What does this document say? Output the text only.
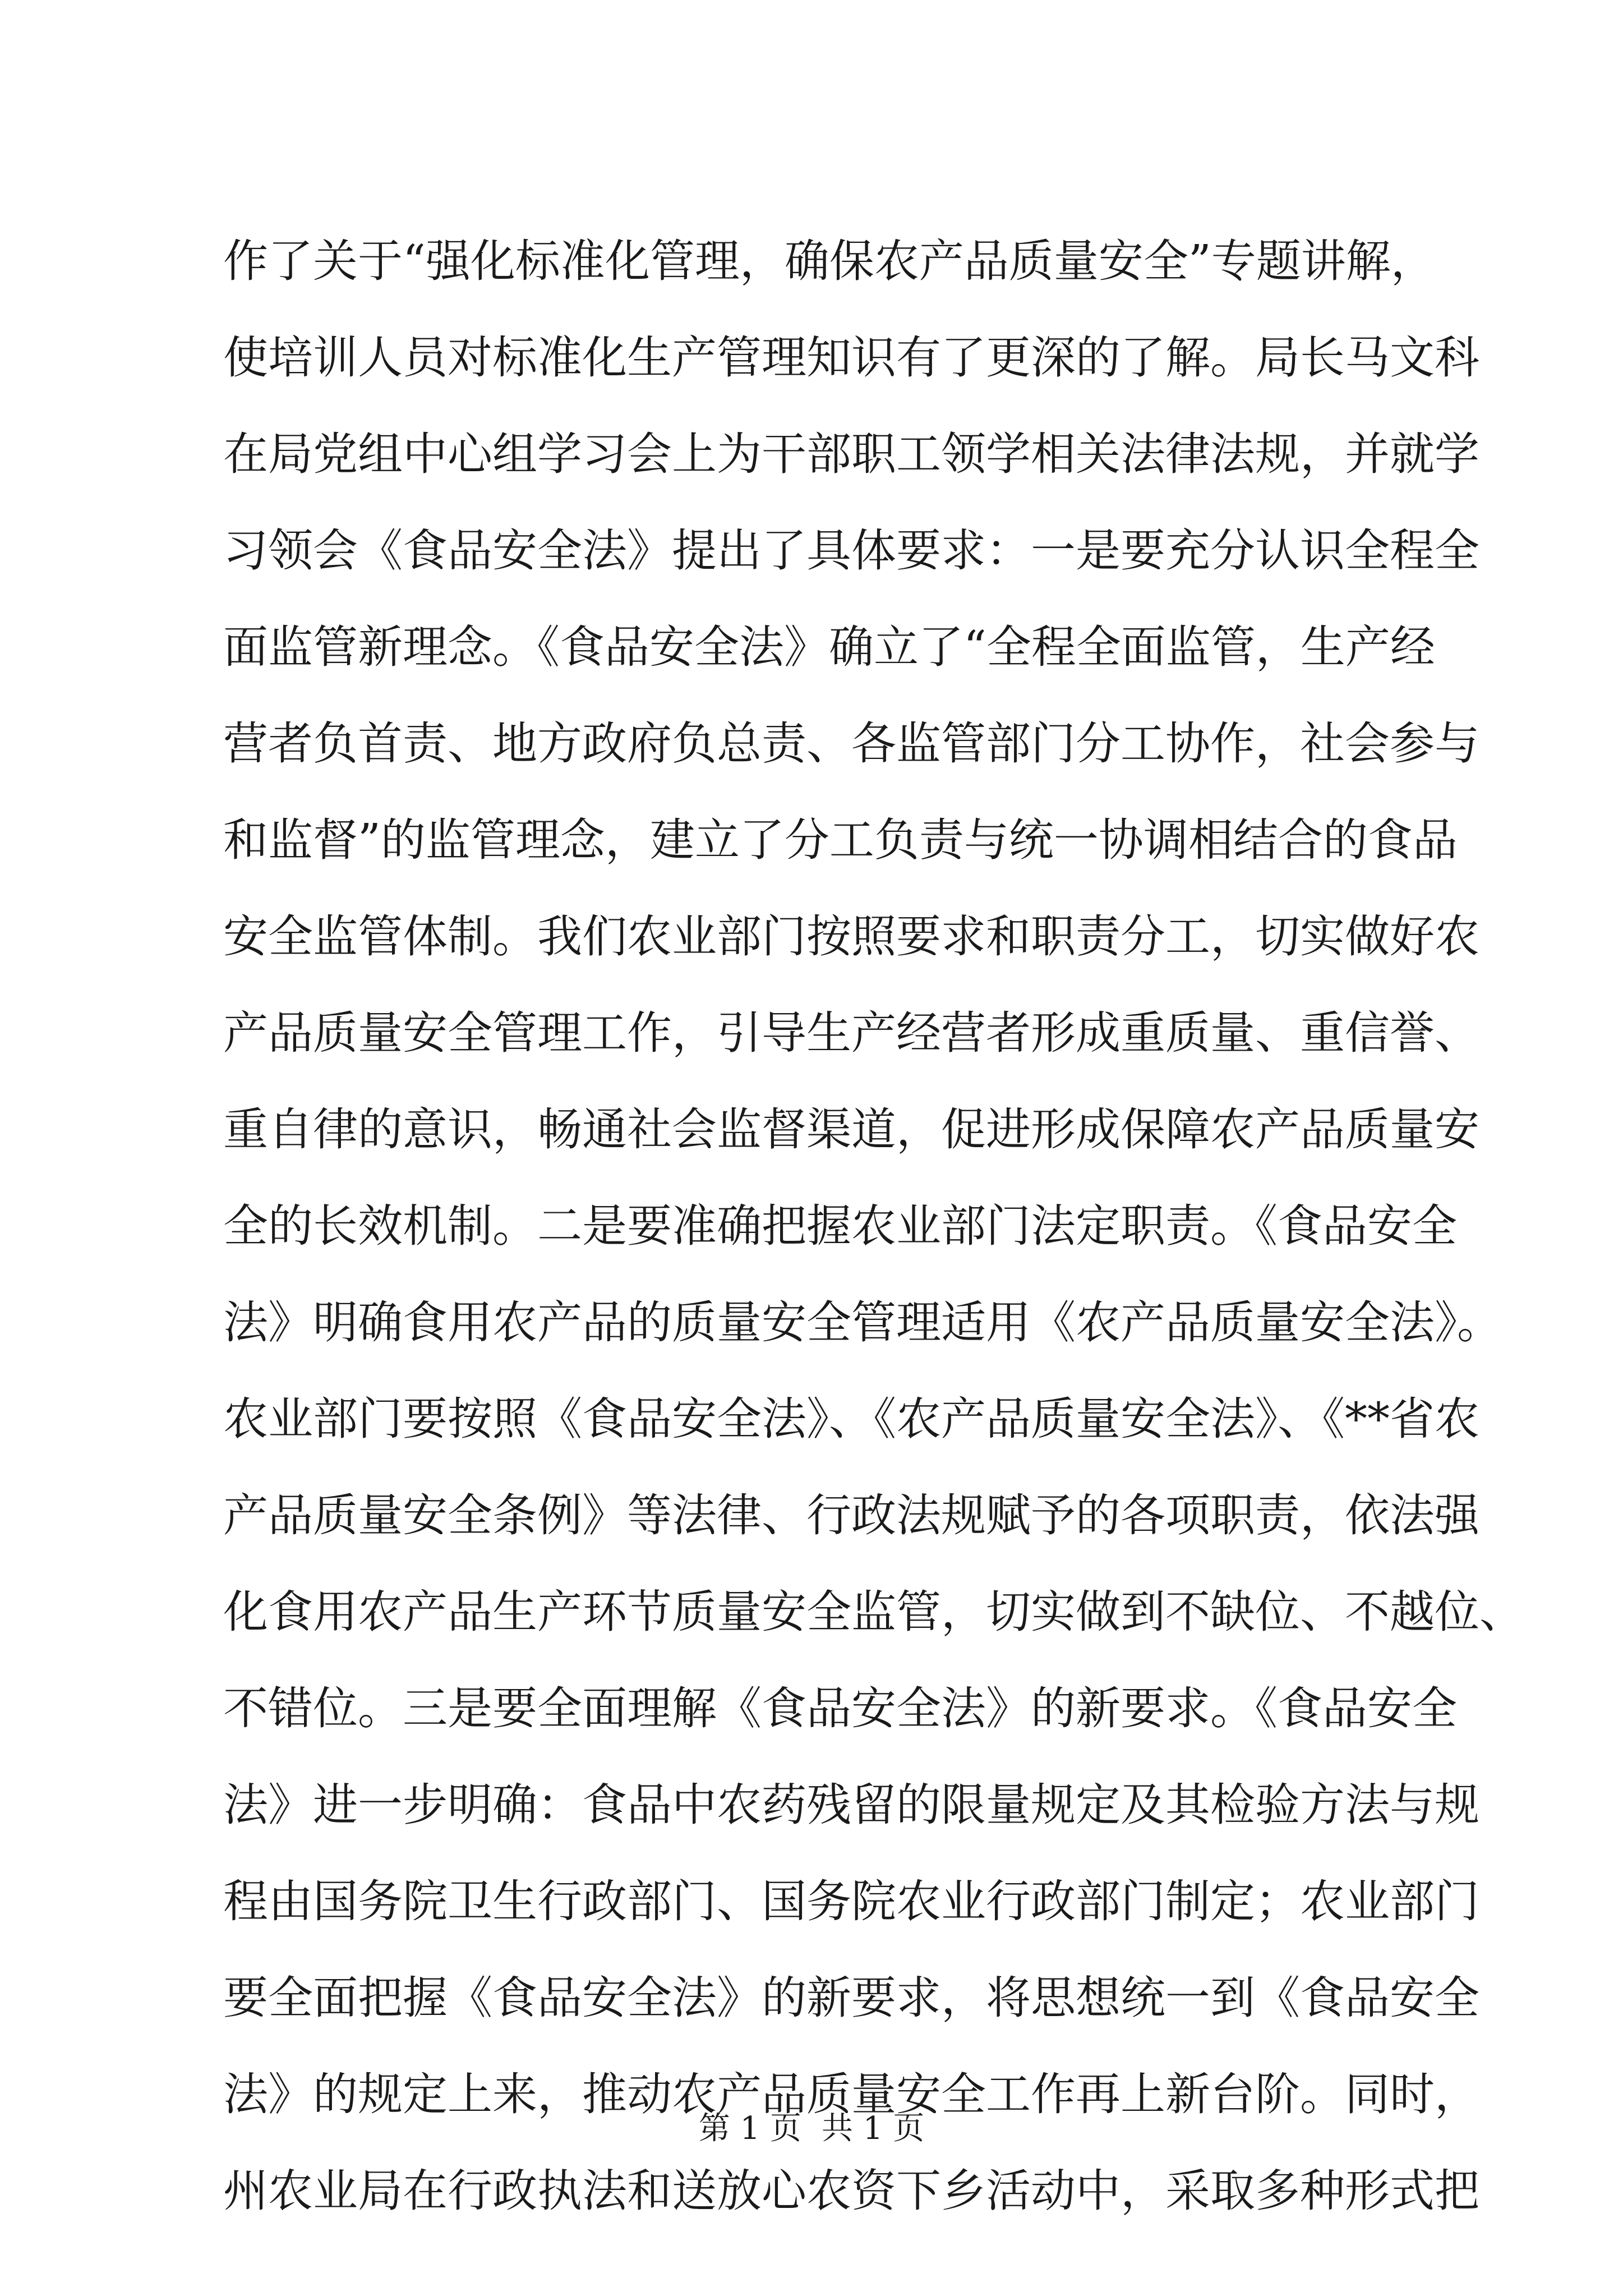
作了关于“强化标准化管理，确保农产品质量安全”专题讲解，
使培训人员对标准化生产管理知识有了更深的了解。局长马文科
在局党组中心组学习会上为干部职工领学相关法律法规，并就学
习领会《食品安全法》提出了具体要求：一是要充分认识全程全
面监管新理念。《食品安全法》确立了“全程全面监管，生产经
营者负首责、地方政府负总责、各监管部门分工协作，社会参与
和监督”的监管理念，建立了分工负责与统一协调相结合的食品
安全监管体制。我们农业部门按照要求和职责分工，切实做好农
产品质量安全管理工作，引导生产经营者形成重质量、重信誉、
重自律的意识，畅通社会监督渠道，促进形成保障农产品质量安
全的长效机制。二是要准确把握农业部门法定职责。《食品安全
法》明确食用农产品的质量安全管理适用《农产品质量安全法》。
农业部门要按照《食品安全法》、《农产品质量安全法》、《**省农
产品质量安全条例》等法律、行政法规赋予的各项职责，依法强
化食用农产品生产环节质量安全监管，切实做到不缺位、不越位、
不错位。三是要全面理解《食品安全法》的新要求。《食品安全
法》进一步明确：食品中农药残留的限量规定及其检验方法与规
程由国务院卫生行政部门、国务院农业行政部门制定；农业部门
要全面把握《食品安全法》的新要求，将思想统一到《食品安全
法》的规定上来，推动农产品质量安全工作再上新台阶。同时，
州农业局在行政执法和送放心农资下乡活动中，采取多种形式把
第 1 页 共 1 页
